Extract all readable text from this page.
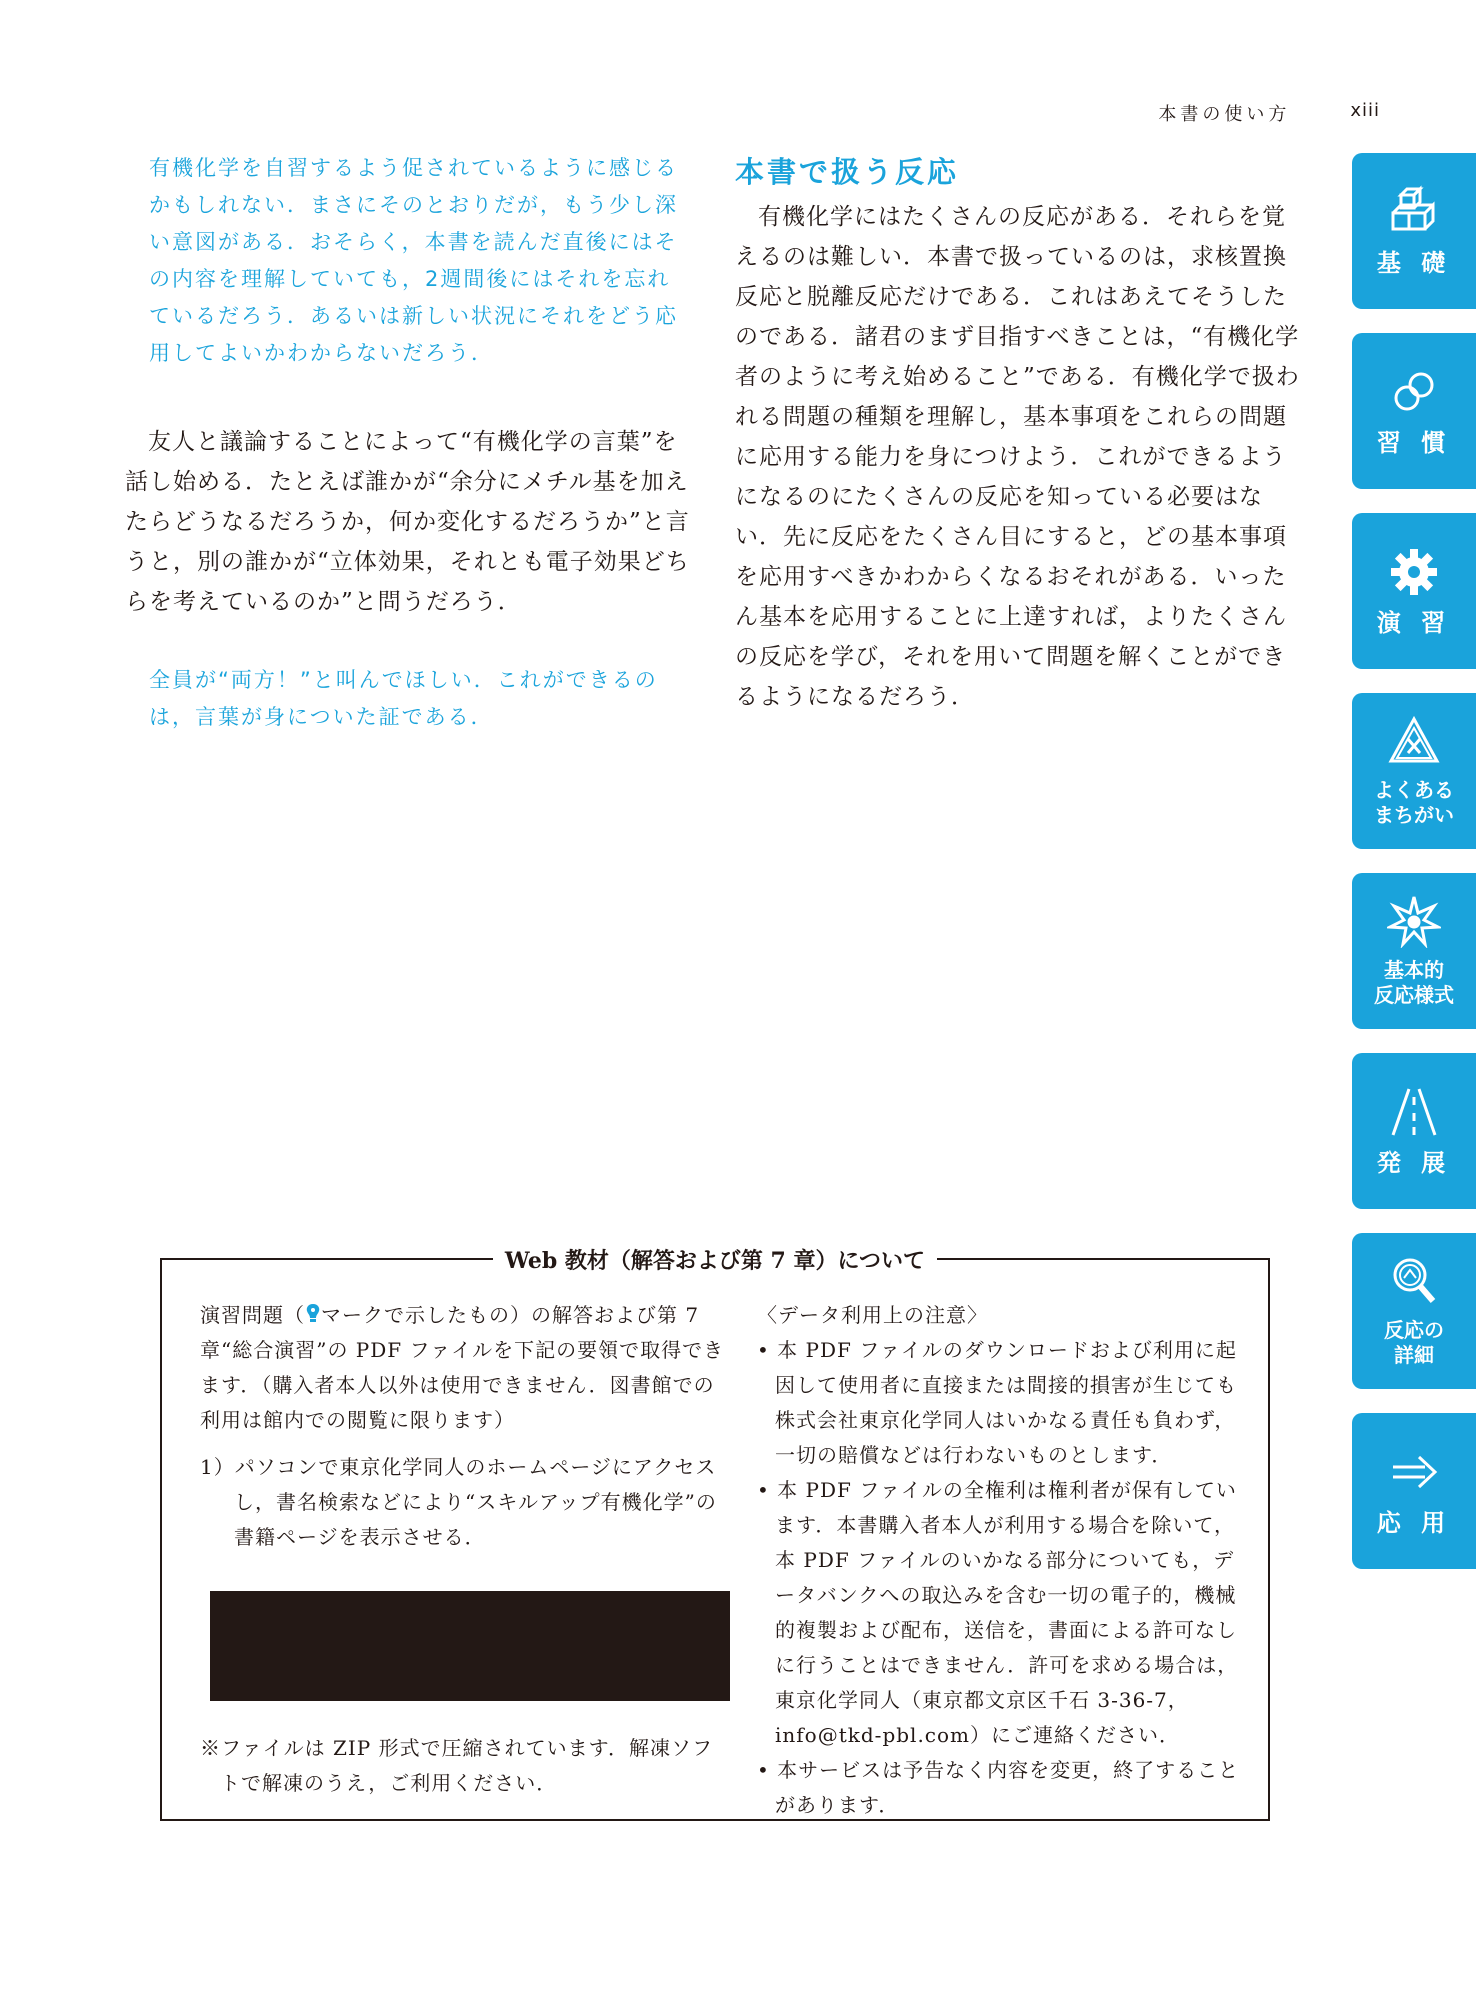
本書の使い方	xiii

有機化学を自習するよう促されているように感じるかもしれない．まさにそのとおりだが，もう少し深い意図がある．おそらく，本書を読んだ直後にはその内容を理解していても，2週間後にはそれを忘れているだろう．あるいは新しい状況にそれをどう応用してよいかわからないだろう．

友人と議論することによって“有機化学の言葉”を話し始める．たとえば誰かが“余分にメチル基を加えたらどうなるだろうか，何か変化するだろうか”と言うと，別の誰かが“立体効果，それとも電子効果どちらを考えているのか”と問うだろう．

全員が“両方！”と叫んでほしい．これができるのは，言葉が身についた証である．

本書で扱う反応

有機化学にはたくさんの反応がある．それらを覚えるのは難しい．本書で扱っているのは，求核置換反応と脱離反応だけである．これはあえてそうしたのである．諸君のまず目指すべきことは，“有機化学者のように考え始めること”である．有機化学で扱われる問題の種類を理解し，基本事項をこれらの問題に応用する能力を身につけよう．これができるようになるのにたくさんの反応を知っている必要はない．先に反応をたくさん目にすると，どの基本事項を応用すべきかわからくなるおそれがある．いったん基本を応用することに上達すれば，よりたくさんの反応を学び，それを用いて問題を解くことができるようになるだろう．

基 礎
習 慣
演 習
よくある
まちがい
基本的
反応様式
発 展
反応の
詳細
応 用
Web 教材（解答および第 7 章）について

演習問題（ マークで示したもの）の解答および第 7 章“総合演習”の PDF ファイルを下記の要領で取得できます．（購入者本人以外は使用できません．図書館での利用は館内での閲覧に限ります）

1）パソコンで東京化学同人のホームページにアクセスし，書名検索などにより“スキルアップ有機化学”の書籍ページを表示させる．

※ファイルは ZIP 形式で圧縮されています．解凍ソフトで解凍のうえ，ご利用ください．

〈データ利用上の注意〉

• 本 PDF ファイルのダウンロードおよび利用に起因して使用者に直接または間接的損害が生じても株式会社東京化学同人はいかなる責任も負わず，一切の賠償などは行わないものとします．

• 本 PDF ファイルの全権利は権利者が保有しています．本書購入者本人が利用する場合を除いて，本 PDF ファイルのいかなる部分についても，データバンクへの取込みを含む一切の電子的，機械的複製および配布，送信を，書面による許可なしに行うことはできません．許可を求める場合は，東京化学同人（東京都文京区千石 3-36-7，info@tkd-pbl.com）にご連絡ください．

• 本サービスは予告なく内容を変更，終了することがあります．
